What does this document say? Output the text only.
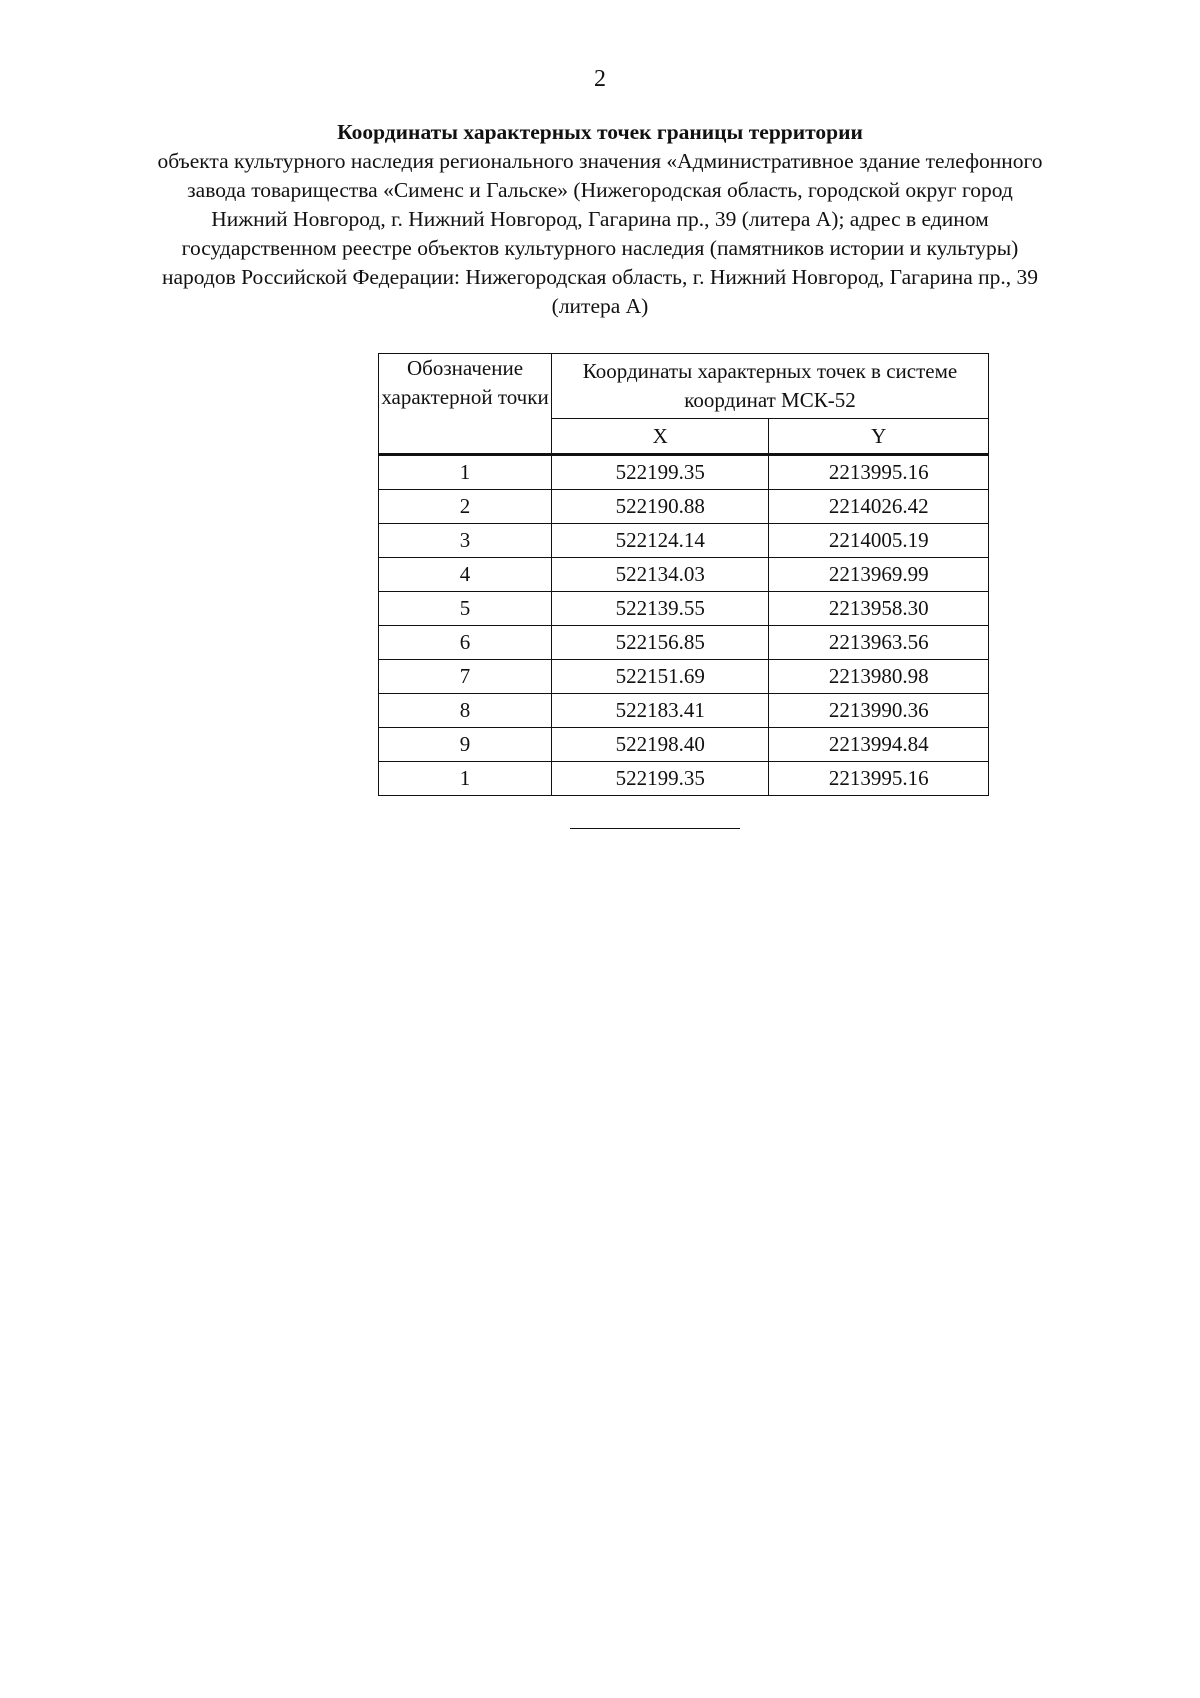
2
Координаты характерных точек границы территории
объекта культурного наследия регионального значения «Административное здание телефонного завода товарищества «Сименс и Гальске» (Нижегородская область, городской округ город Нижний Новгород, г. Нижний Новгород, Гагарина пр., 39 (литера А); адрес в едином государственном реестре объектов культурного наследия (памятников истории и культуры) народов Российской Федерации: Нижегородская область, г. Нижний Новгород, Гагарина пр., 39 (литера А)
Обозначение характерной точки	Координаты характерных точек в системе координат МСК-52	
	X	Y
1	522199.35	2213995.16
2	522190.88	2214026.42
3	522124.14	2214005.19
4	522134.03	2213969.99
5	522139.55	2213958.30
6	522156.85	2213963.56
7	522151.69	2213980.98
8	522183.41	2213990.36
9	522198.40	2213994.84
1	522199.35	2213995.16
